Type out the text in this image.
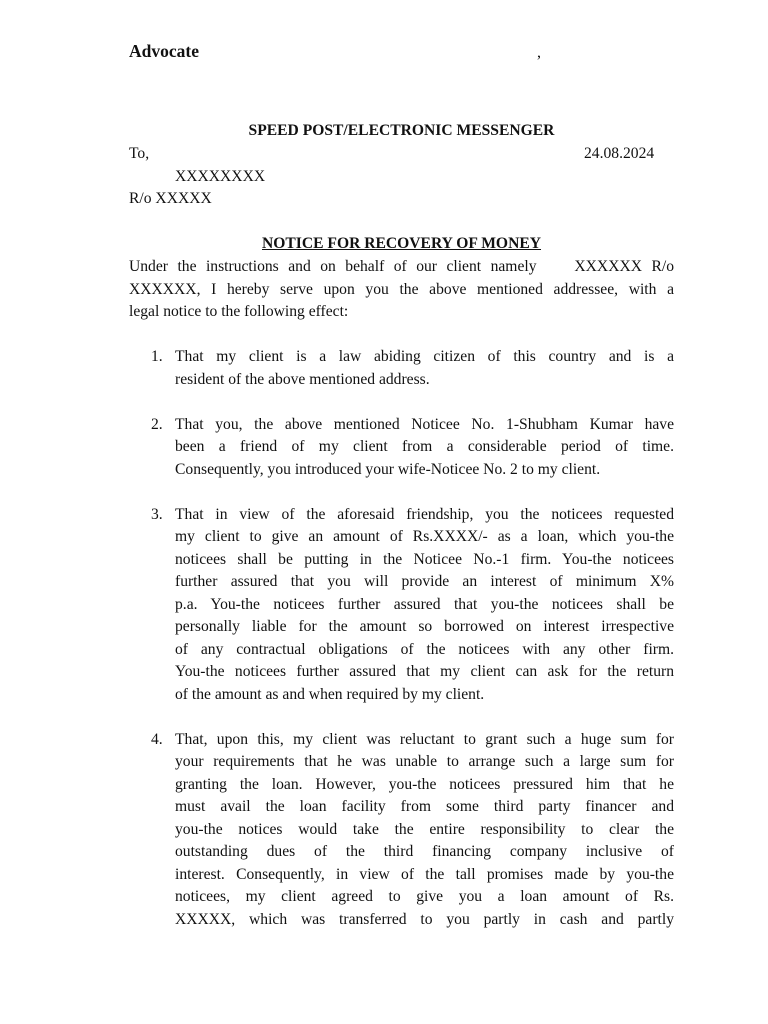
Advocate	,
SPEED POST/ELECTRONIC MESSENGER
To,	24.08.2024
XXXXXXXX
R/o XXXXX
NOTICE FOR RECOVERY OF MONEY

Under the instructions and on behalf of our client namely    XXXXXX R/o
XXXXXX, I hereby serve upon you the above mentioned addressee, with a
legal notice to the following effect:

1. That my client is a law abiding citizen of this country and is a
resident of the above mentioned address.
2. That you, the above mentioned Noticee No. 1-Shubham Kumar have
been a friend of my client from a considerable period of time.
Consequently, you introduced your wife-Noticee No. 2 to my client.
3. That in view of the aforesaid friendship, you the noticees requested
my client to give an amount of Rs.XXXX/- as a loan, which you-the
noticees shall be putting in the Noticee No.-1 firm. You-the noticees
further assured that you will provide an interest of minimum X%
p.a. You-the noticees further assured that you-the noticees shall be
personally liable for the amount so borrowed on interest irrespective
of any contractual obligations of the noticees with any other firm.
You-the noticees further assured that my client can ask for the return
of the amount as and when required by my client.
4. That, upon this, my client was reluctant to grant such a huge sum for
your requirements that he was unable to arrange such a large sum for
granting the loan. However, you-the noticees pressured him that he
must avail the loan facility from some third party financer and
you-the notices would take the entire responsibility to clear the
outstanding dues of the third financing company inclusive of
interest. Consequently, in view of the tall promises made by you-the
noticees, my client agreed to give you a loan amount of Rs.
XXXXX, which was transferred to you partly in cash and partly
